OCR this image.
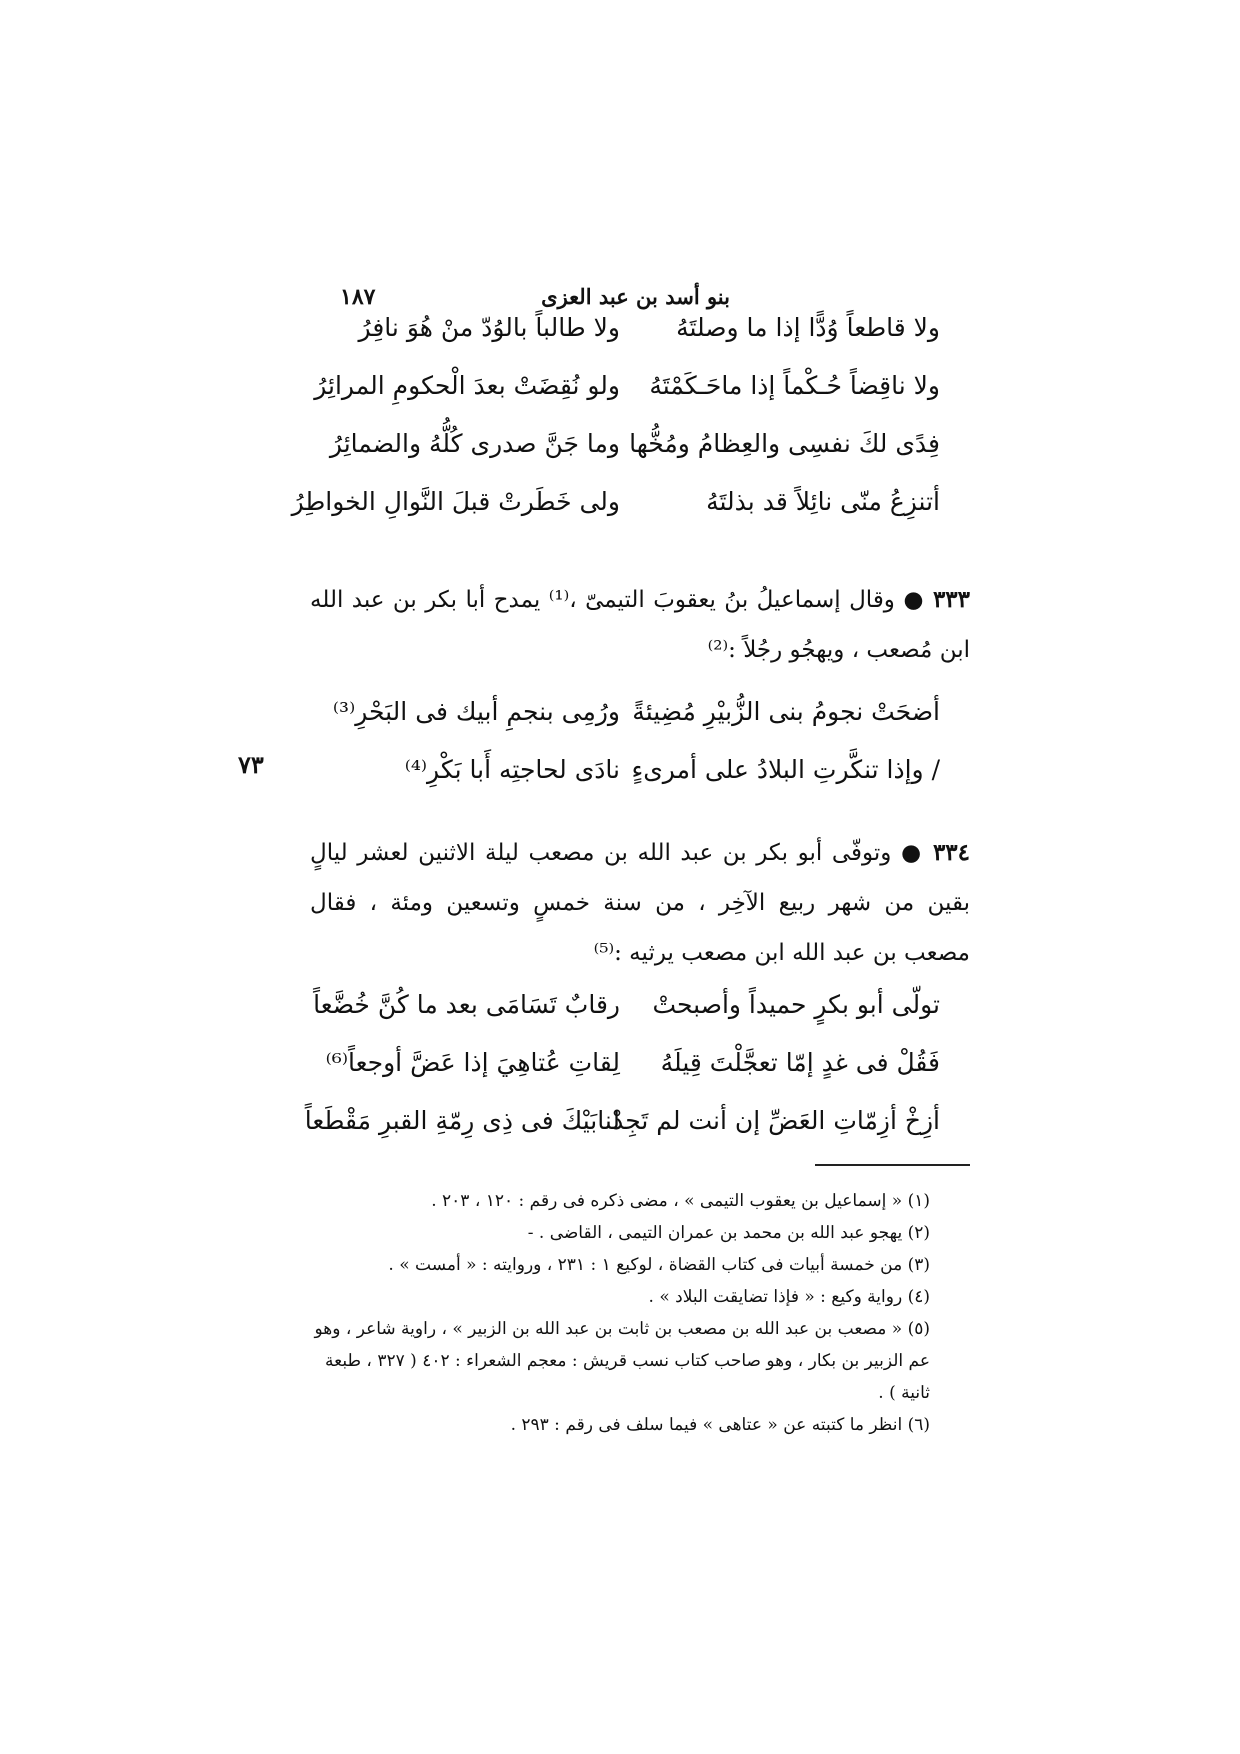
بنو أسد بن عبد العزى
١٨٧
ولا قاطعاً وُدًّا إذا ما وصلتَهُ
ولا طالباً بالوُدّ منْ هُوَ نافِرُ
ولا ناقِضاً حُـكْماً إذا ماحَـكَمْتَهُ
ولو نُقِضَتْ بعدَ الْحكومِ المرائِرُ
فِدًى لكَ نفسِى والعِظامُ ومُخُّها
وما جَنَّ صدرى كُلُّهُ والضمائِرُ
أتنزِعُ منّى نائِلاً قد بذلتَهُ
ولى خَطَرتْ قبلَ النَّوالِ الخواطِرُ
٣٣٣ ● وقال إسماعيلُ بنُ يعقوبَ التيمىّ ،⁽¹⁾ يمدح أبا بكر بن عبد الله ابن مُصعب ، ويهجُو رجُلاً :⁽²⁾
أضحَتْ نجومُ بنى الزُّبيْرِ مُضِيئةً
ورُمِى بنجمِ أبيك فى البَحْرِ⁽³⁾
/ وإذا تنكَّرتِ البلادُ على أمرىءٍ
نادَى لحاجتِه أَبا بَكْرِ⁽⁴⁾
٧٣
٣٣٤ ● وتوفّى أبو بكر بن عبد الله بن مصعب ليلة الاثنين لعشر ليالٍ بقين من شهر ربيع الآخِر ، من سنة خمسٍ وتسعين ومئة ، فقال مصعب بن عبد الله ابن مصعب يرثيه :⁽⁵⁾
تولّى أبو بكرٍ حميداً وأصبحتْ
رقابٌ تَسَامَى بعد ما كُنَّ خُضَّعاً
فَقُلْ فى غدٍ إمّا تعجَّلْتَ قِيلَهُ
لِقاتِ عُتاهِيَ إذا عَضَّ أوجعاً⁽⁶⁾
أزِخْ أزِمّاتِ العَضِّ إن أنت لم تَجِدْ
لنابَيْكَ فى ذِى رِمّةِ القبرِ مَقْطَعاً
(١) « إسماعيل بن يعقوب التيمى » ، مضى ذكره فى رقم : ١٢٠ ، ٢٠٣ .
(٢) يهجو عبد الله بن محمد بن عمران التيمى ، القاضى . -
(٣) من خمسة أبيات فى كتاب القضاة ، لوكيع ١ : ٢٣١ ، وروايته : « أمست » .
(٤) رواية وكيع : « فإذا تضايقت البلاد » .
(٥) « مصعب بن عبد الله بن مصعب بن ثابت بن عبد الله بن الزبير » ، راوية شاعر ، وهو عم الزبير بن بكار ، وهو صاحب كتاب نسب قريش : معجم الشعراء : ٤٠٢ ( ٣٢٧ ، طبعة ثانية ) .
(٦) انظر ما كتبته عن « عتاهى » فيما سلف فى رقم : ٢٩٣ .
